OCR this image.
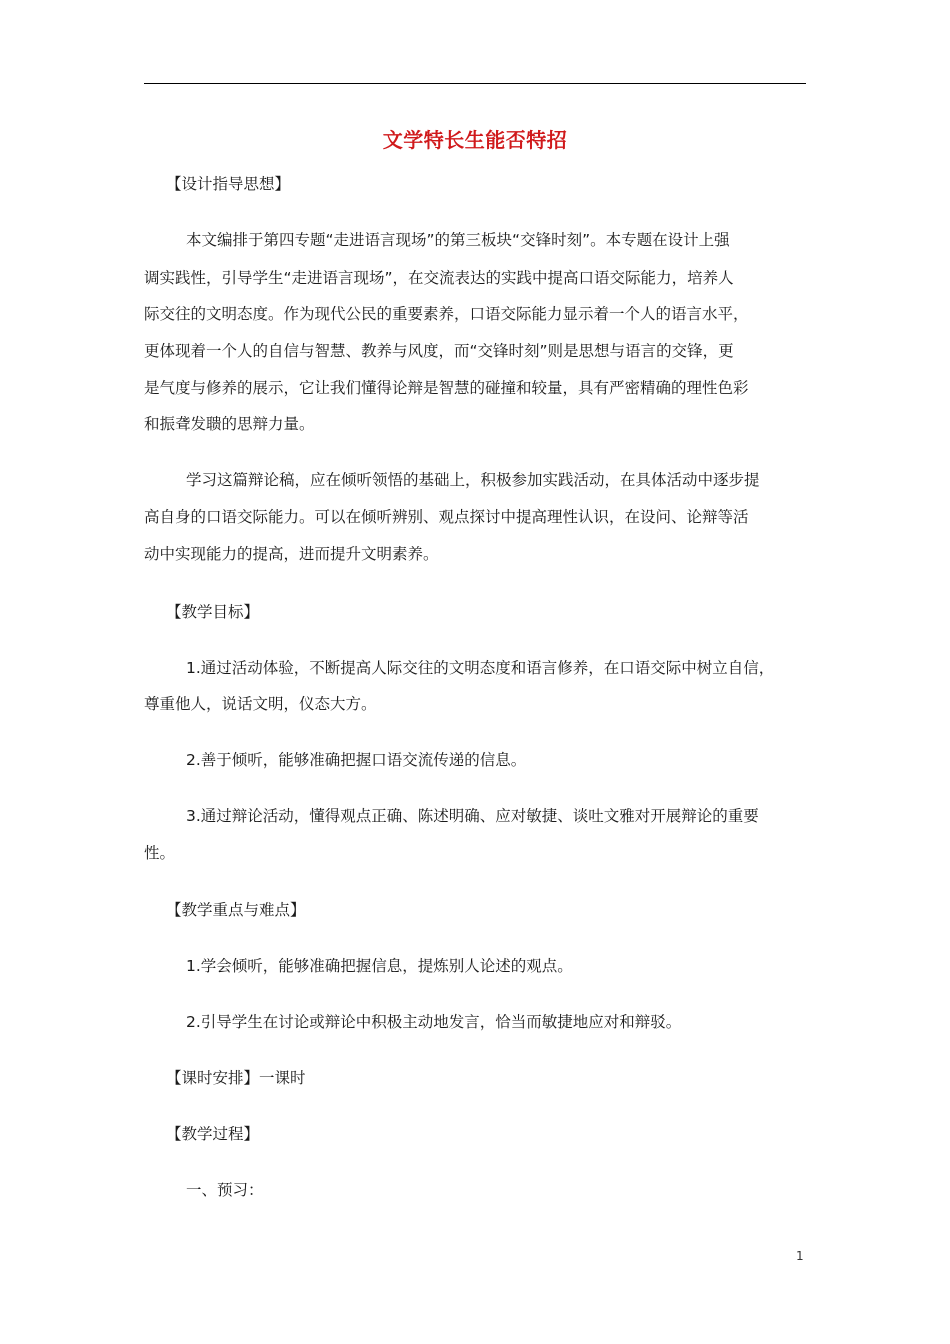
文学特长生能否特招
【设计指导思想】
本文编排于第四专题“走进语言现场”的第三板块“交锋时刻”。本专题在设计上强
调实践性，引导学生“走进语言现场”，在交流表达的实践中提高口语交际能力，培养人
际交往的文明态度。作为现代公民的重要素养，口语交际能力显示着一个人的语言水平，
更体现着一个人的自信与智慧、教养与风度，而“交锋时刻”则是思想与语言的交锋，更
是气度与修养的展示，它让我们懂得论辩是智慧的碰撞和较量，具有严密精确的理性色彩
和振聋发聩的思辩力量。
学习这篇辩论稿，应在倾听领悟的基础上，积极参加实践活动，在具体活动中逐步提
高自身的口语交际能力。可以在倾听辨别、观点探讨中提高理性认识，在设问、论辩等活
动中实现能力的提高，进而提升文明素养。
【教学目标】
1.通过活动体验，不断提高人际交往的文明态度和语言修养，在口语交际中树立自信，
尊重他人，说话文明，仪态大方。
2.善于倾听，能够准确把握口语交流传递的信息。
3.通过辩论活动，懂得观点正确、陈述明确、应对敏捷、谈吐文雅对开展辩论的重要
性。
【教学重点与难点】
1.学会倾听，能够准确把握信息，提炼别人论述的观点。
2.引导学生在讨论或辩论中积极主动地发言，恰当而敏捷地应对和辩驳。
【课时安排】一课时
【教学过程】
一、预习：
1
